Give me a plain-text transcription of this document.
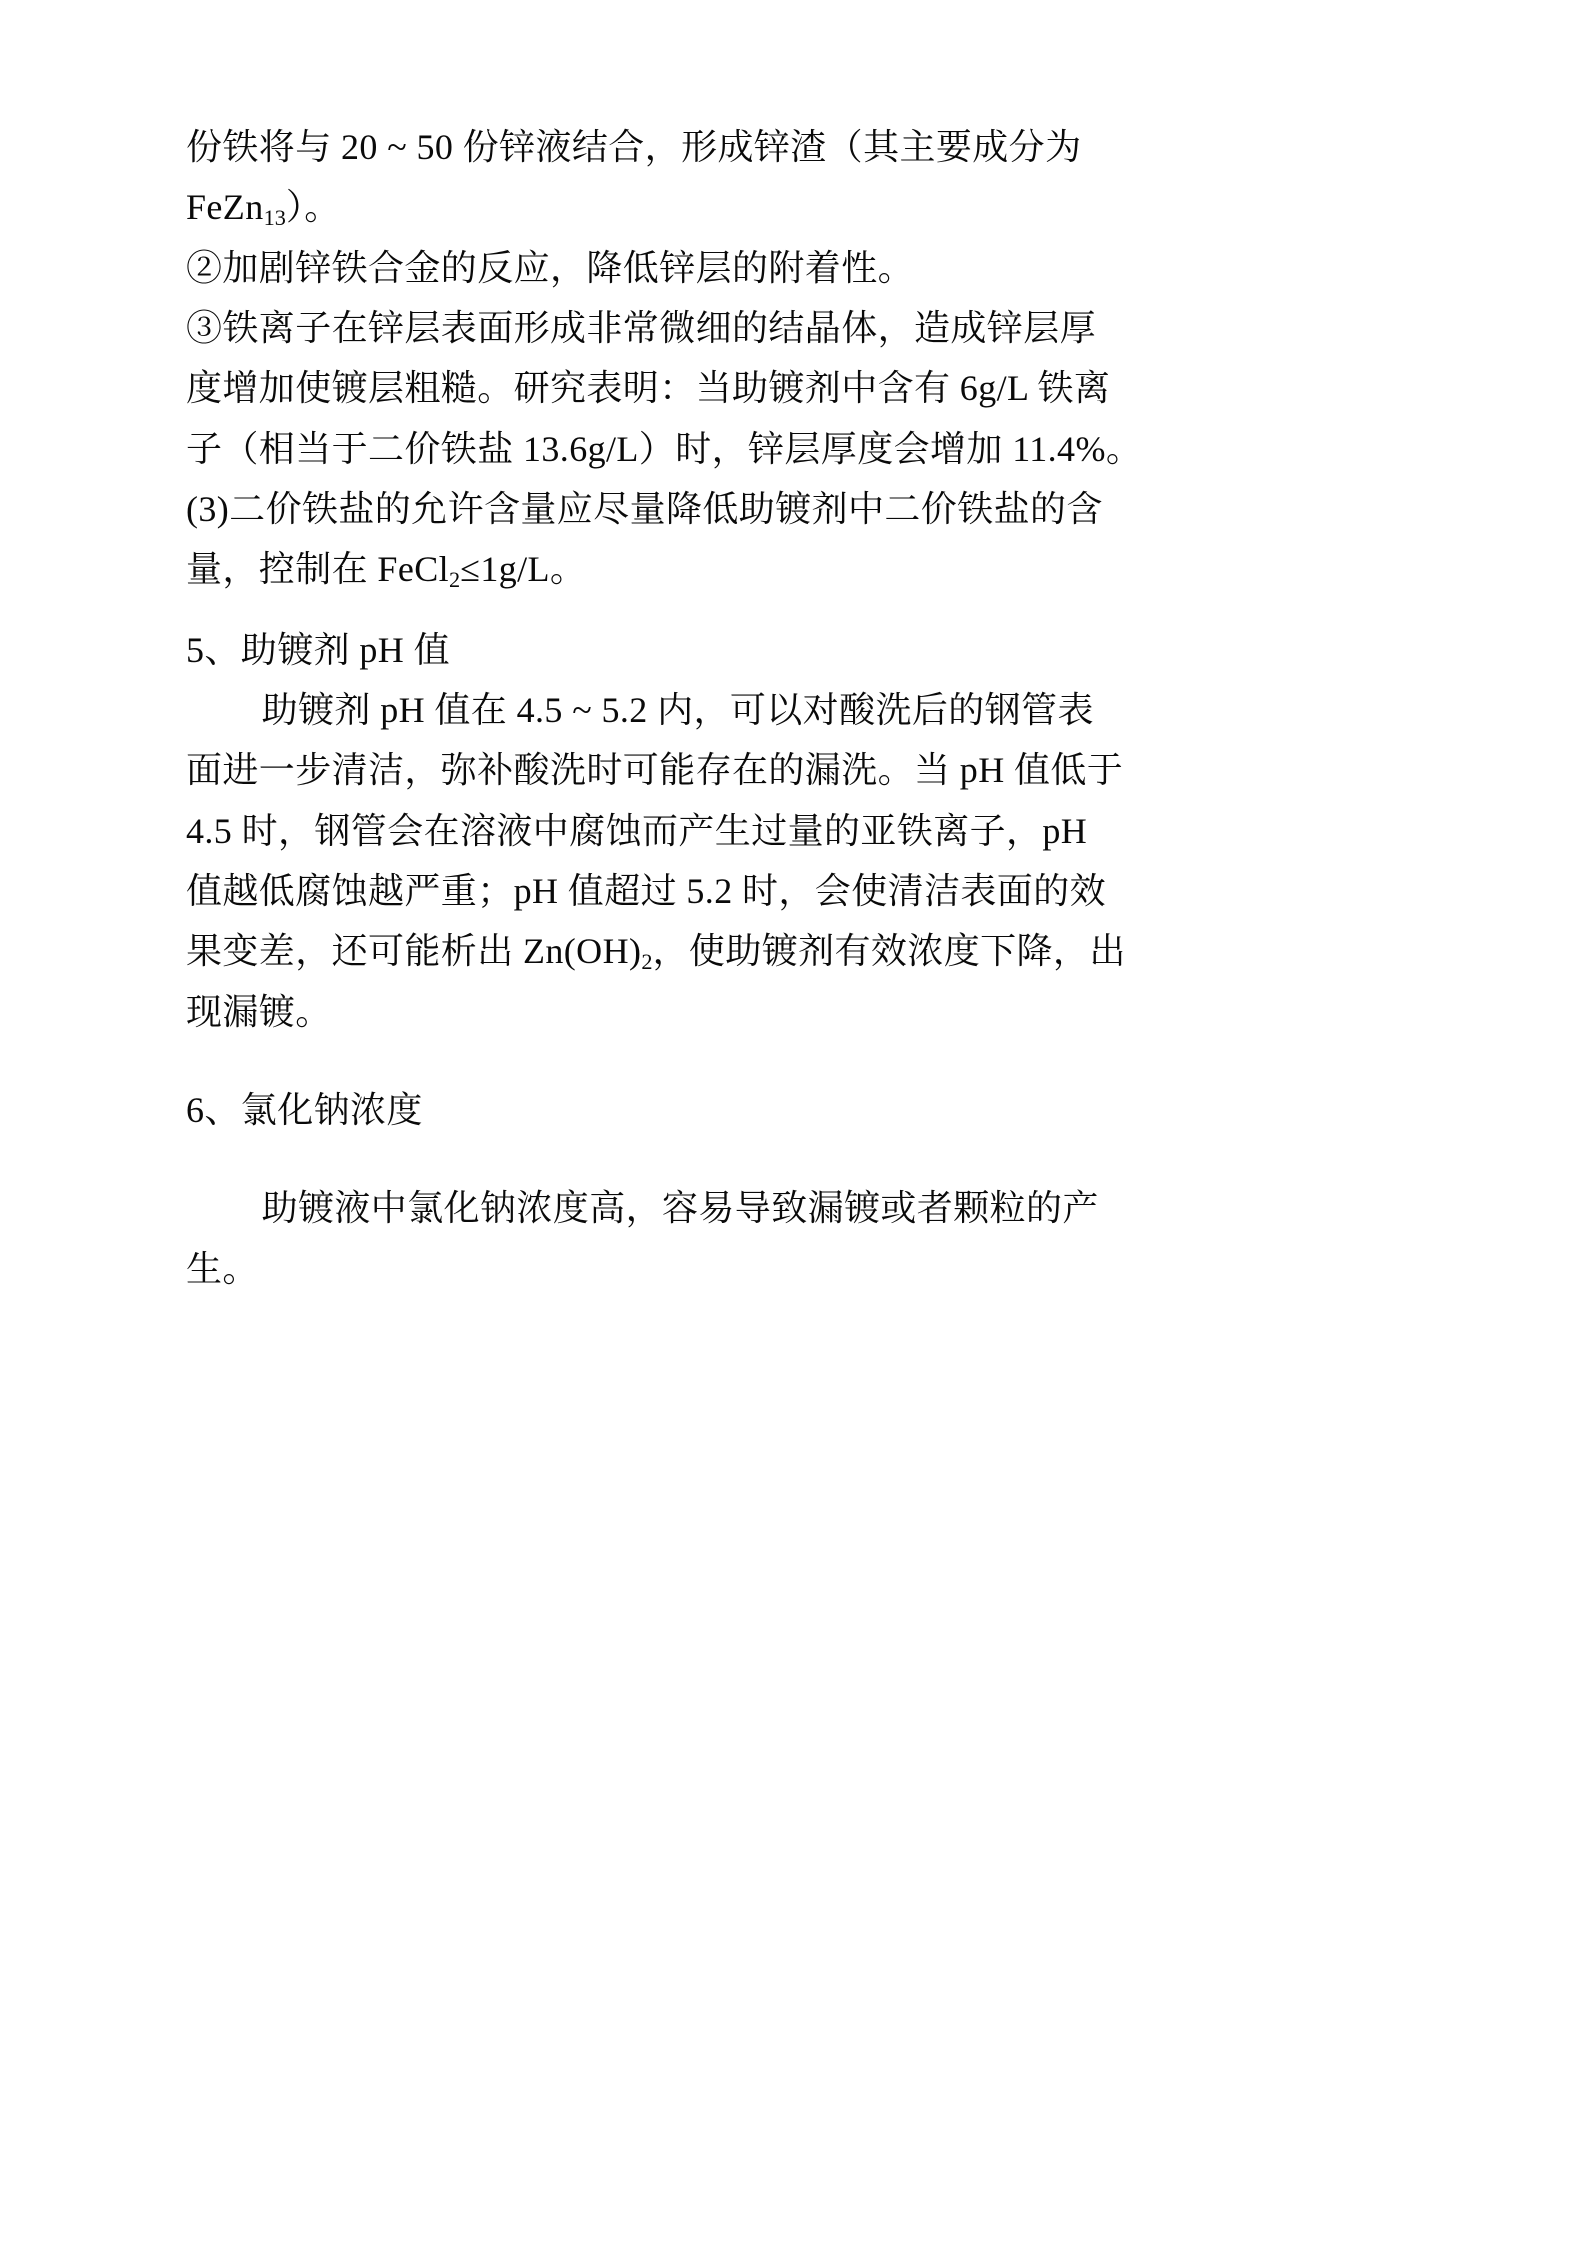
份铁将与 20 ~ 50 份锌液结合，形成锌渣（其主要成分为

FeZn$_{13}$）。

②加剧锌铁合金的反应，降低锌层的附着性。

③铁离子在锌层表面形成非常微细的结晶体，造成锌层厚

度增加使镀层粗糙。研究表明：当助镀剂中含有 6g/L 铁离

子（相当于二价铁盐 13.6g/L）时，锌层厚度会增加 11.4%。

(3)二价铁盐的允许含量应尽量降低助镀剂中二价铁盐的含

量，控制在 FeCl$_2$≤1g/L。

5、助镀剂 pH 值

助镀剂 pH 值在 4.5 ~ 5.2 内，可以对酸洗后的钢管表

面进一步清洁，弥补酸洗时可能存在的漏洗。当 pH 值低于

4.5 时，钢管会在溶液中腐蚀而产生过量的亚铁离子，pH

值越低腐蚀越严重；pH 值超过 5.2 时，会使清洁表面的效

果变差，还可能析出 $Zn(OH)_2$，使助镀剂有效浓度下降，出

现漏镀。

6、氯化钠浓度

助镀液中氯化钠浓度高，容易导致漏镀或者颗粒的产

生。
